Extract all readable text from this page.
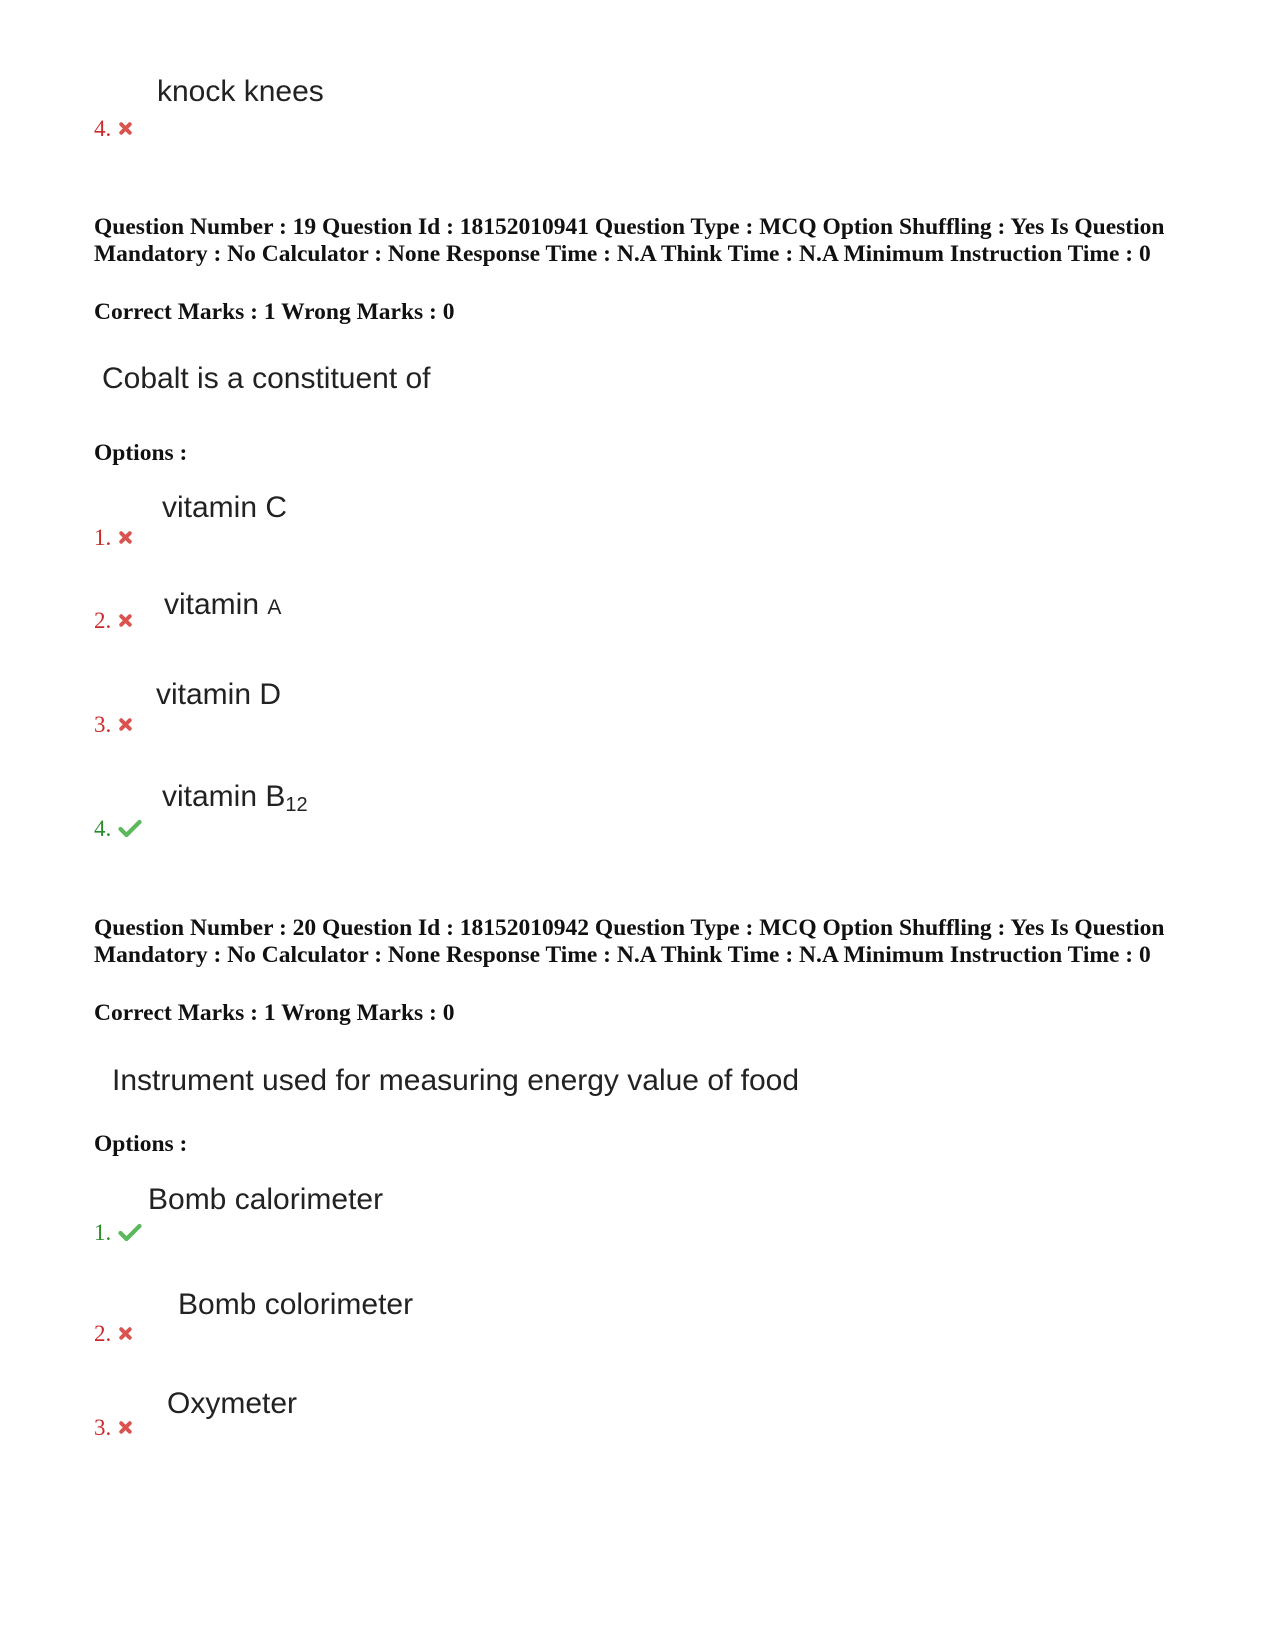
knock knees
4.
Question Number : 19 Question Id : 18152010941 Question Type : MCQ Option Shuffling : Yes Is Question Mandatory : No Calculator : None Response Time : N.A Think Time : N.A Minimum Instruction Time : 0
Correct Marks : 1 Wrong Marks : 0
Cobalt is a constituent of
Options :
vitamin C
1.
vitamin A
2.
vitamin D
3.
vitamin $B_{12}$
4.
Question Number : 20 Question Id : 18152010942 Question Type : MCQ Option Shuffling : Yes Is Question Mandatory : No Calculator : None Response Time : N.A Think Time : N.A Minimum Instruction Time : 0
Correct Marks : 1 Wrong Marks : 0
Instrument used for measuring energy value of food
Options :
Bomb calorimeter
1.
Bomb colorimeter
2.
Oxymeter
3.
